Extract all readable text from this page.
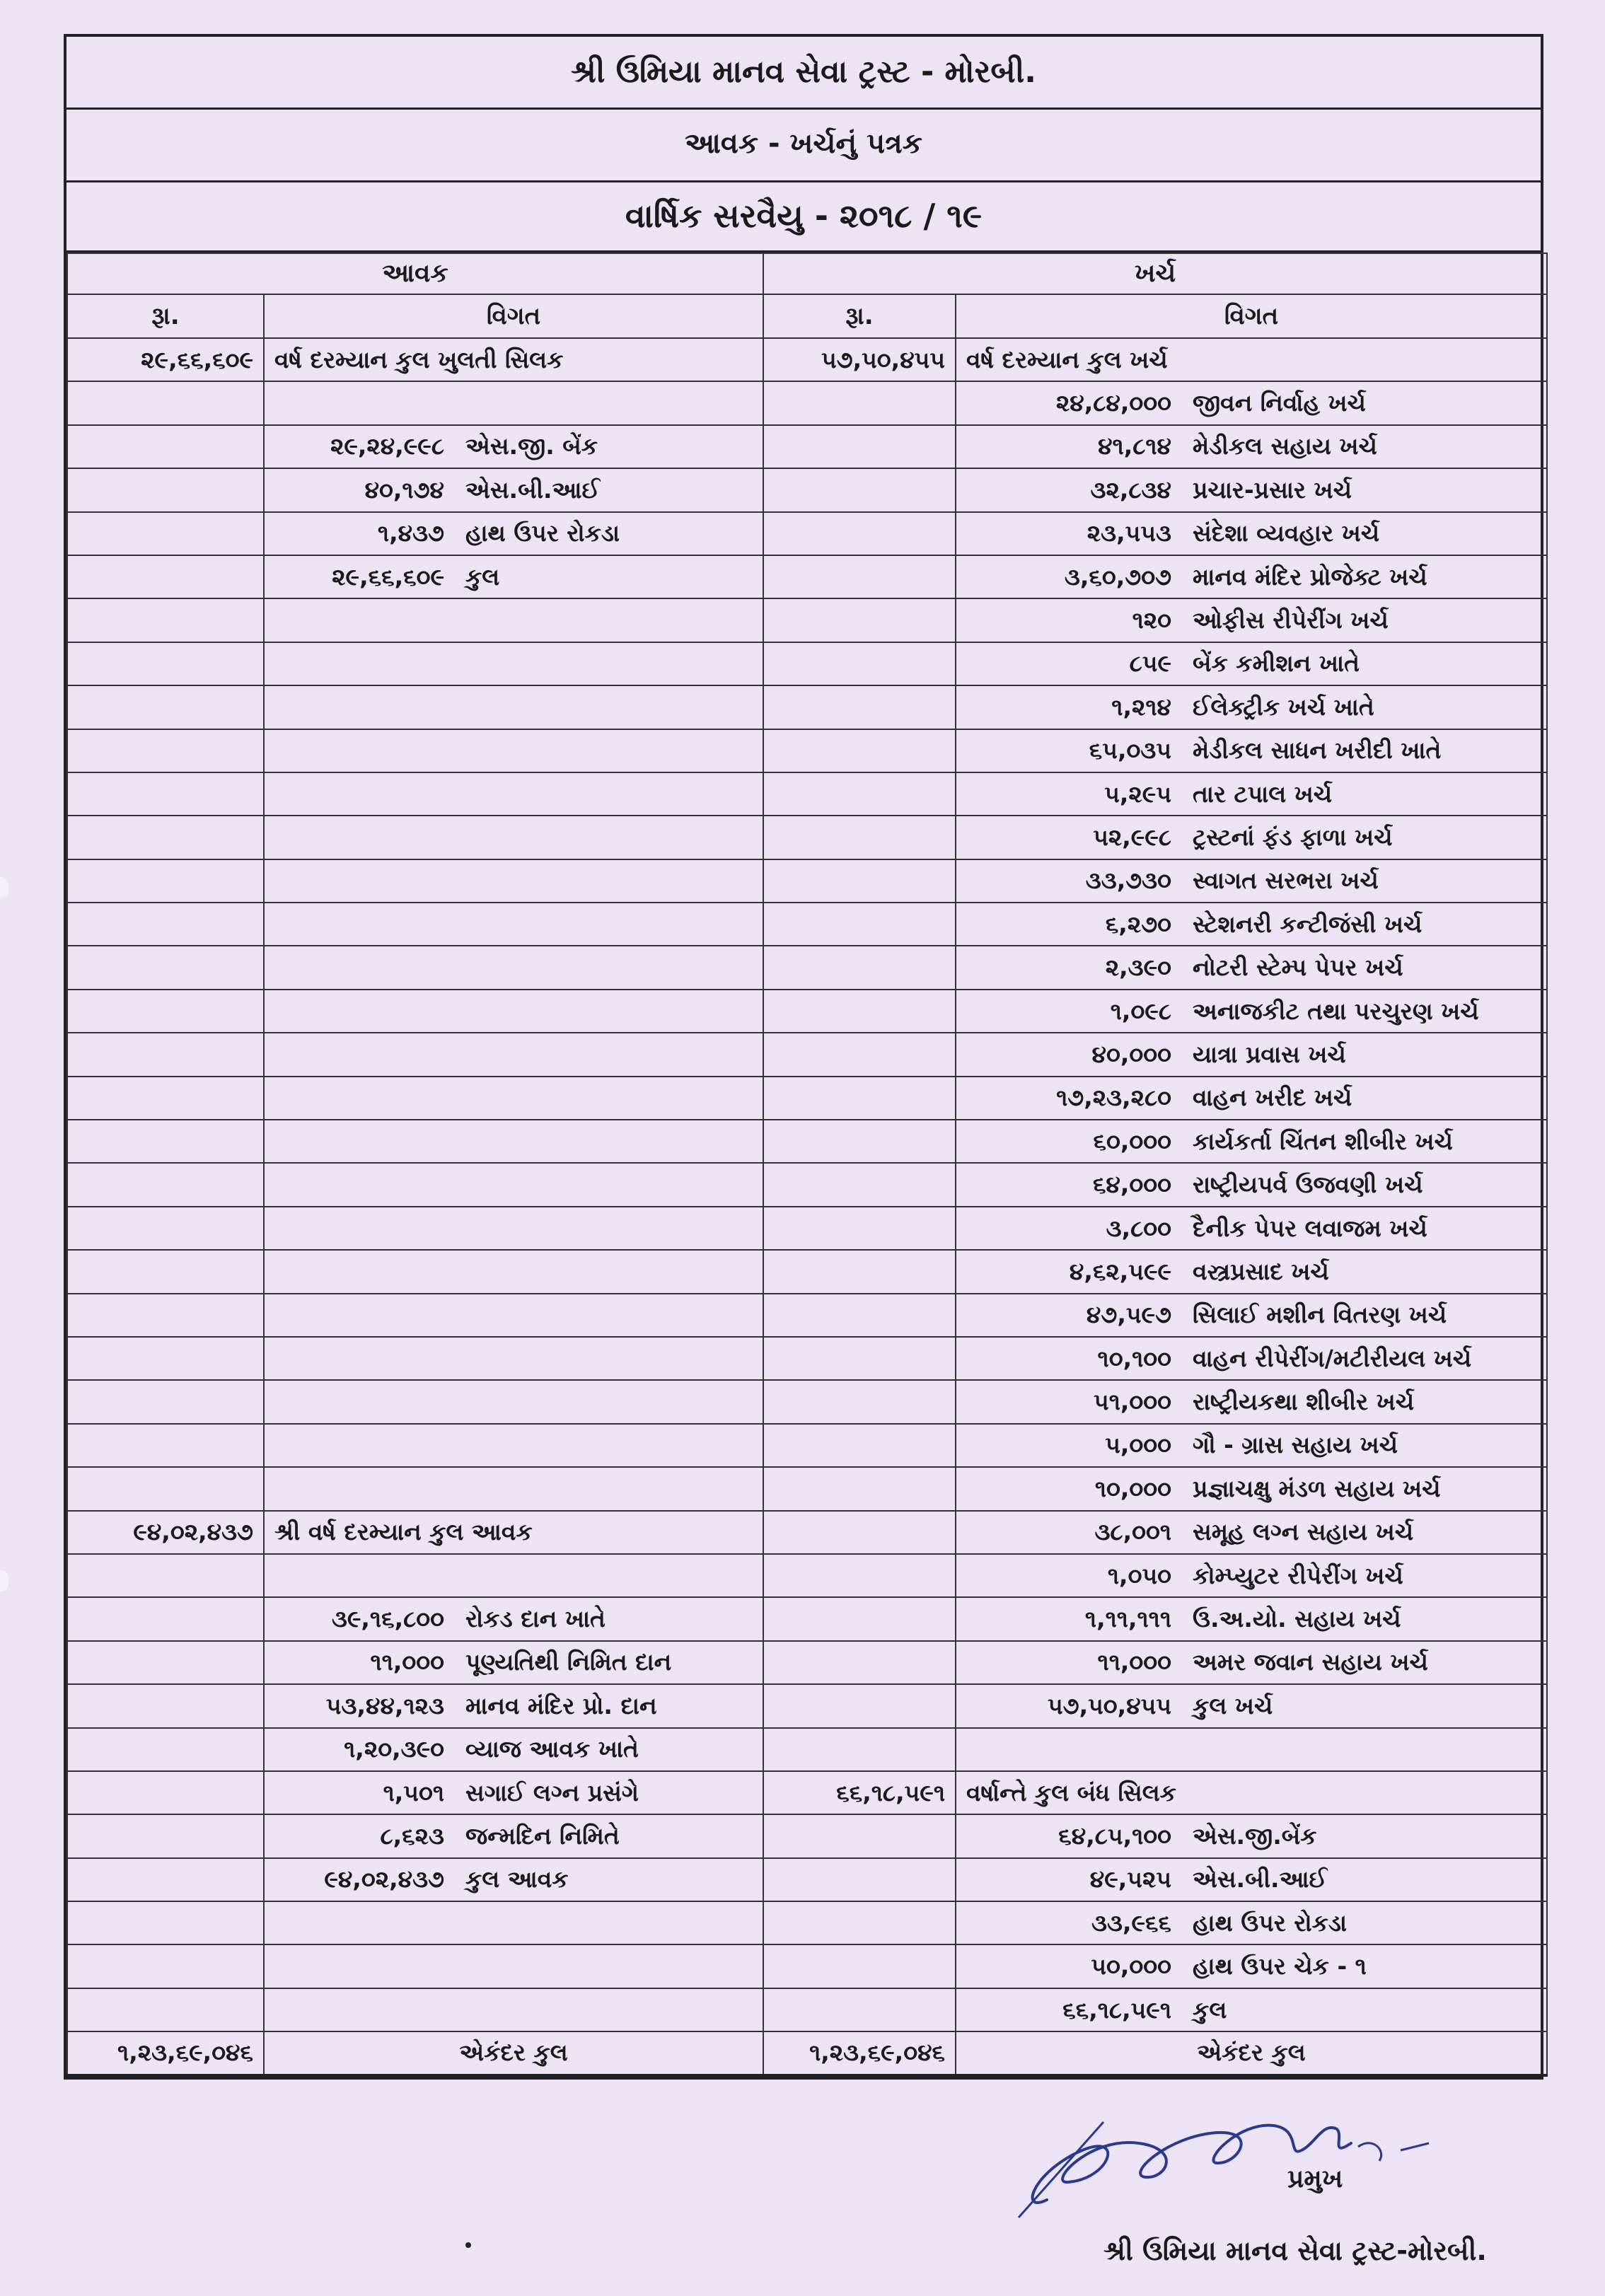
શ્રી ઉમિયા માનવ સેવા ટ્રસ્ટ - મોરબી.
આવક - ખર્ચનું પત્રક
વાર્ષિક સરવૈયુ - ૨૦૧૮ / ૧૯
આવક		ખર્ચ	
રૂા.	વિગત	રૂા.	વિગત
૨૯,૬૬,૬૦૯	વર્ષ દરમ્યાન કુલ ખુલતી સિલક	૫૭,૫૦,૪૫૫	વર્ષ દરમ્યાન કુલ ખર્ચ
			૨૪,૮૪,૦૦૦ જીવન નિર્વાહ ખર્ચ
	૨૯,૨૪,૯૯૮ એસ.જી. બેંક		૪૧,૮૧૪ મેડીકલ સહાય ખર્ચ
	૪૦,૧૭૪ એસ.બી.આઈ		૩૨,૮૩૪ પ્રચાર-પ્રસાર ખર્ચ
	૧,૪૩૭ હાથ ઉપર રોકડા		૨૩,૫૫૩ સંદેશા વ્યવહાર ખર્ચ
	૨૯,૬૬,૬૦૯ કુલ		૩,૬૦,૭૦૭ માનવ મંદિર પ્રોજેક્ટ ખર્ચ
			૧૨૦ ઓફીસ રીપેરીંગ ખર્ચ
			૮૫૯ બેંક કમીશન ખાતે
			૧,૨૧૪ ઈલેક્ટ્રીક ખર્ચ ખાતે
			૬૫,૦૩૫ મેડીકલ સાધન ખરીદી ખાતે
			૫,૨૯૫ તાર ટપાલ ખર્ચ
			૫૨,૯૯૮ ટ્રસ્ટનાં ફંડ ફાળા ખર્ચ
			૩૩,૭૩૦ સ્વાગત સરભરા ખર્ચ
			૬,૨૭૦ સ્ટેશનરી કન્ટીજંસી ખર્ચ
			૨,૩૯૦ નોટરી સ્ટેમ્પ પેપર ખર્ચ
			૧,૦૯૮ અનાજકીટ તથા પરચુરણ ખર્ચ
			૪૦,૦૦૦ યાત્રા પ્રવાસ ખર્ચ
			૧૭,૨૩,૨૮૦ વાહન ખરીદ ખર્ચ
			૬૦,૦૦૦ કાર્યકર્તા ચિંતન શીબીર ખર્ચ
			૬૪,૦૦૦ રાષ્ટ્રીયપર્વ ઉજવણી ખર્ચ
			૩,૮૦૦ દૈનીક પેપર લવાજમ ખર્ચ
			૪,૬૨,૫૯૯ વસ્ત્રપ્રસાદ ખર્ચ
			૪૭,૫૯૭ સિલાઈ મશીન વિતરણ ખર્ચ
			૧૦,૧૦૦ વાહન રીપેરીંગ/મટીરીયલ ખર્ચ
			૫૧,૦૦૦ રાષ્ટ્રીયકથા શીબીર ખર્ચ
			૫,૦૦૦ ગૌ - ગ્રાસ સહાય ખર્ચ
			૧૦,૦૦૦ પ્રજ્ઞાચક્ષુ મંડળ સહાય ખર્ચ
૯૪,૦૨,૪૩૭	શ્રી વર્ષ દરમ્યાન કુલ આવક		૩૮,૦૦૧ સમૂહ લગ્ન સહાય ખર્ચ
			૧,૦૫૦ કોમ્પ્યુટર રીપેરીંગ ખર્ચ
	૩૯,૧૬,૮૦૦ રોકડ દાન ખાતે		૧,૧૧,૧૧૧ ઉ.અ.યો. સહાય ખર્ચ
	૧૧,૦૦૦ પૂણ્યતિથી નિમિત દાન		૧૧,૦૦૦ અમર જવાન સહાય ખર્ચ
	૫૩,૪૪,૧૨૩ માનવ મંદિર પ્રો. દાન		૫૭,૫૦,૪૫૫ કુલ ખર્ચ
	૧,૨૦,૩૯૦ વ્યાજ આવક ખાતે		
	૧,૫૦૧ સગાઈ લગ્ન પ્રસંગે	૬૬,૧૮,૫૯૧	વર્ષાન્તે કુલ બંધ સિલક
	૮,૬૨૩ જન્મદિન નિમિતે		૬૪,૮૫,૧૦૦ એસ.જી.બેંક
	૯૪,૦૨,૪૩૭ કુલ આવક		૪૯,૫૨૫ એસ.બી.આઈ
			૩૩,૯૬૬ હાથ ઉપર રોકડા
			૫૦,૦૦૦ હાથ ઉપર ચેક - ૧
			૬૬,૧૮,૫૯૧ કુલ
૧,૨૩,૬૯,૦૪૬	એકંદર કુલ	૧,૨૩,૬૯,૦૪૬	એકંદર કુલ
પ્રમુખ
શ્રી ઉમિયા માનવ સેવા ટ્રસ્ટ-મોરબી.
